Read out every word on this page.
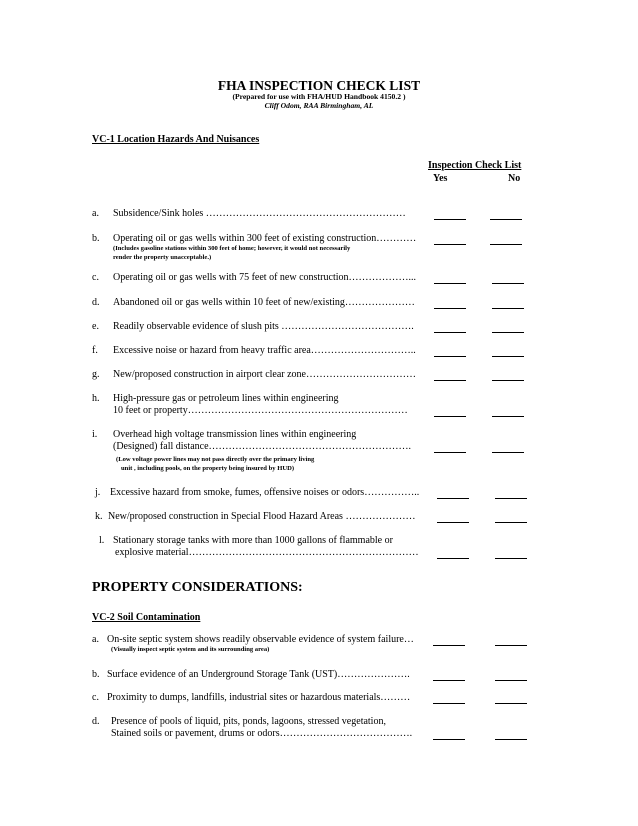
FHA INSPECTION CHECK LIST
(Prepared for use with FHA/HUD Handbook 4150.2 )
Cliff Odom, RAA Birmingham, AL
VC-1 Location Hazards And Nuisances
Inspection Check List
Yes	No
a. Subsidence/Sink holes ……………………………………………………
b. Operating oil or gas wells within 300 feet of existing construction…………
(Includes gasoline stations within 300 feet of home; however, it would not necessarily
render the property unacceptable.)
c. Operating oil or gas wells with 75 feet of new construction………………...
d. Abandoned oil or gas wells within 10 feet of new/existing…………………
e. Readily observable evidence of slush pits ………………………………….
f. Excessive noise or hazard from heavy traffic area…………………………..
g. New/proposed construction in airport clear zone……………………………
h. High-pressure gas or petroleum lines within engineering
10 feet or property…………………………………………………………
i. Overhead high voltage transmission lines within engineering
(Designed) fall distance…………………………………………………….
(Low voltage power lines may not pass directly over the primary living
unit , including pools, on the property being insured by HUD)
j. Excessive hazard from smoke, fumes, offensive noises or odors……………..
k. New/proposed construction in Special Flood Hazard Areas …………………
l. Stationary storage tanks with more than 1000 gallons of flammable or
explosive material……………………………………………………………
PROPERTY CONSIDERATIONS:
VC-2 Soil Contamination
a. On-site septic system shows readily observable evidence of system failure…
(Visually inspect septic system and its surrounding area)
b. Surface evidence of an Underground Storage Tank (UST)………………….
c. Proximity to dumps, landfills, industrial sites or hazardous materials………
d. Presence of pools of liquid, pits, ponds, lagoons, stressed vegetation,
Stained soils or pavement, drums or odors………………………………….
